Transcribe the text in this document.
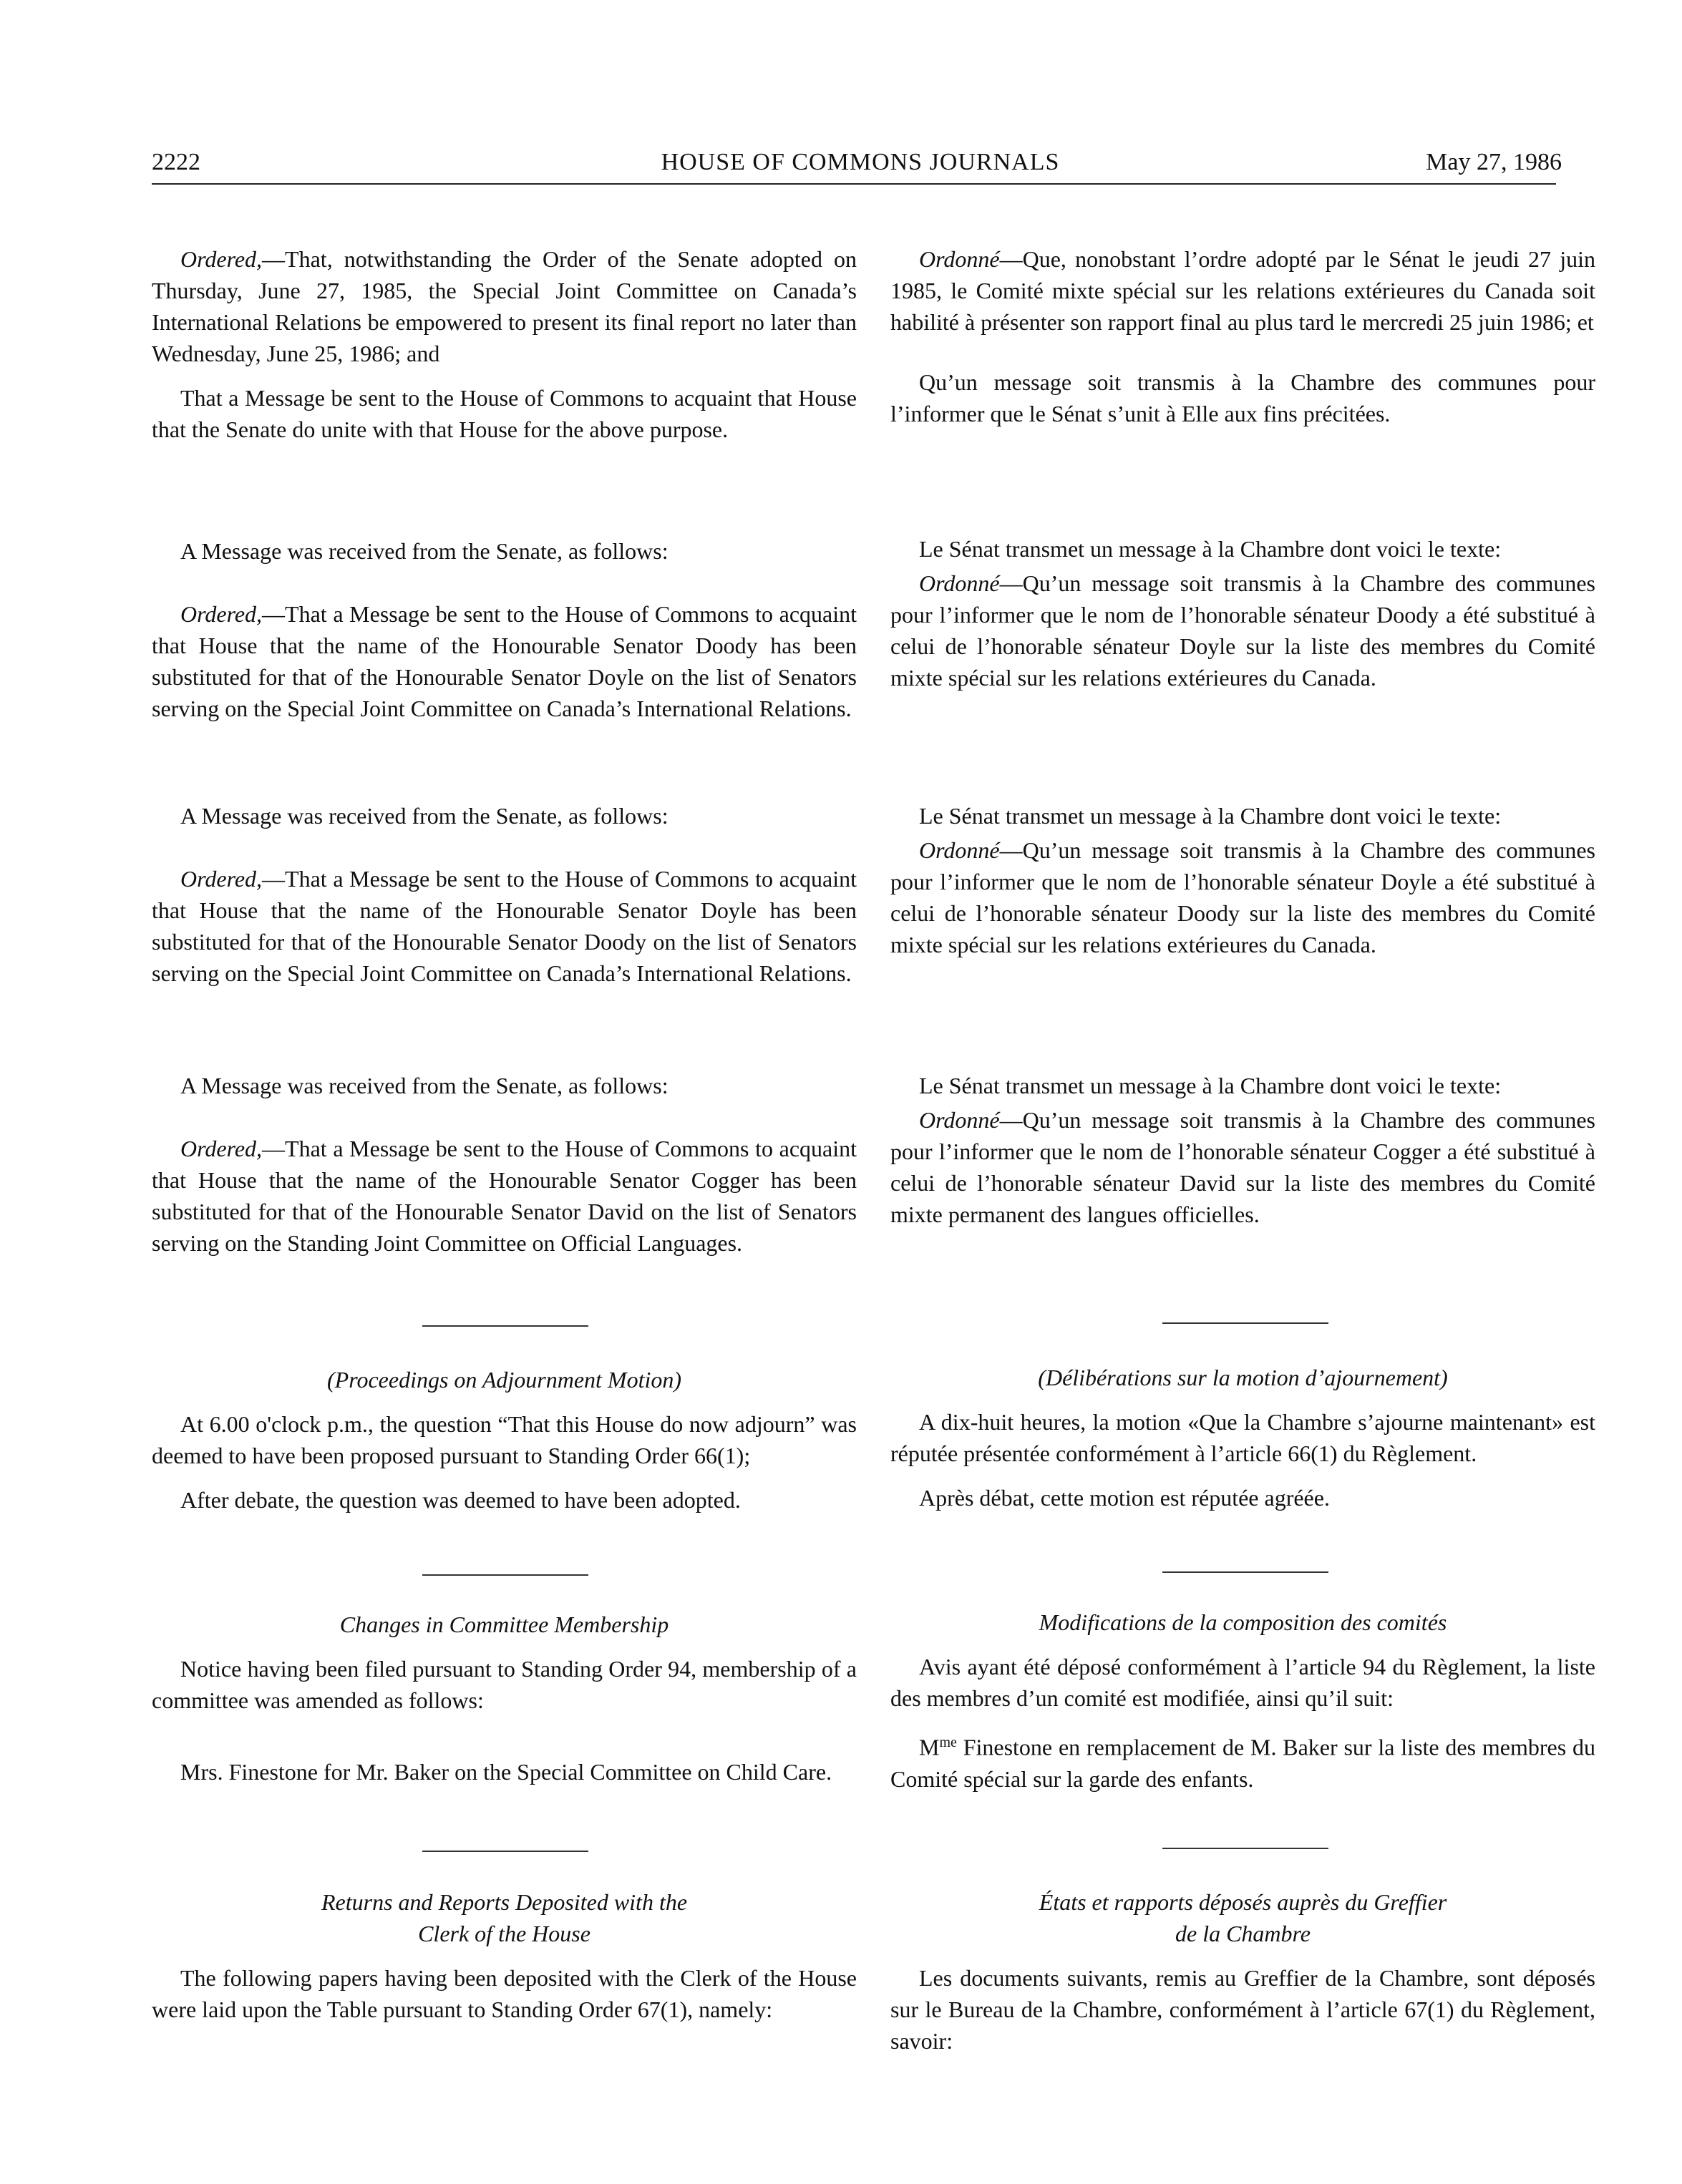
2222	HOUSE OF COMMONS JOURNALS	May 27, 1986

Ordered,—That, notwithstanding the Order of the Senate adopted on Thursday, June 27, 1985, the Special Joint Committee on Canada’s International Relations be empowered to present its final report no later than Wednesday, June 25, 1986; and

That a Message be sent to the House of Commons to acquaint that House that the Senate do unite with that House for the above purpose.

A Message was received from the Senate, as follows:

Ordered,—That a Message be sent to the House of Commons to acquaint that House that the name of the Honourable Senator Doody has been substituted for that of the Honourable Senator Doyle on the list of Senators serving on the Special Joint Committee on Canada’s International Relations.

A Message was received from the Senate, as follows:

Ordered,—That a Message be sent to the House of Commons to acquaint that House that the name of the Honourable Senator Doyle has been substituted for that of the Honourable Senator Doody on the list of Senators serving on the Special Joint Committee on Canada’s International Relations.

A Message was received from the Senate, as follows:

Ordered,—That a Message be sent to the House of Commons to acquaint that House that the name of the Honourable Senator Cogger has been substituted for that of the Honourable Senator David on the list of Senators serving on the Standing Joint Committee on Official Languages.

(Proceedings on Adjournment Motion)

At 6.00 o'clock p.m., the question “That this House do now adjourn” was deemed to have been proposed pursuant to Standing Order 66(1);

After debate, the question was deemed to have been adopted.

Changes in Committee Membership

Notice having been filed pursuant to Standing Order 94, membership of a committee was amended as follows:

Mrs. Finestone for Mr. Baker on the Special Committee on Child Care.

Returns and Reports Deposited with the

Clerk of the House

The following papers having been deposited with the Clerk of the House were laid upon the Table pursuant to Standing Order 67(1), namely:

Ordonné—Que, nonobstant l’ordre adopté par le Sénat le jeudi 27 juin 1985, le Comité mixte spécial sur les relations extérieures du Canada soit habilité à présenter son rapport final au plus tard le mercredi 25 juin 1986; et

Qu’un message soit transmis à la Chambre des communes pour l’informer que le Sénat s’unit à Elle aux fins précitées.

Le Sénat transmet un message à la Chambre dont voici le texte:

Ordonné—Qu’un message soit transmis à la Chambre des communes pour l’informer que le nom de l’honorable sénateur Doody a été substitué à celui de l’honorable sénateur Doyle sur la liste des membres du Comité mixte spécial sur les relations extérieures du Canada.

Le Sénat transmet un message à la Chambre dont voici le texte:

Ordonné—Qu’un message soit transmis à la Chambre des communes pour l’informer que le nom de l’honorable sénateur Doyle a été substitué à celui de l’honorable sénateur Doody sur la liste des membres du Comité mixte spécial sur les relations extérieures du Canada.

Le Sénat transmet un message à la Chambre dont voici le texte:

Ordonné—Qu’un message soit transmis à la Chambre des communes pour l’informer que le nom de l’honorable sénateur Cogger a été substitué à celui de l’honorable sénateur David sur la liste des membres du Comité mixte permanent des langues officielles.

(Délibérations sur la motion d’ajournement)

A dix-huit heures, la motion «Que la Chambre s’ajourne maintenant» est réputée présentée conformément à l’article 66(1) du Règlement.

Après débat, cette motion est réputée agréée.

Modifications de la composition des comités

Avis ayant été déposé conformément à l’article 94 du Règlement, la liste des membres d’un comité est modifiée, ainsi qu’il suit:

$M^{me}$ Finestone en remplacement de M. Baker sur la liste des membres du Comité spécial sur la garde des enfants.

États et rapports déposés auprès du Greffier

de la Chambre

Les documents suivants, remis au Greffier de la Chambre, sont déposés sur le Bureau de la Chambre, conformément à l’article 67(1) du Règlement, savoir:
